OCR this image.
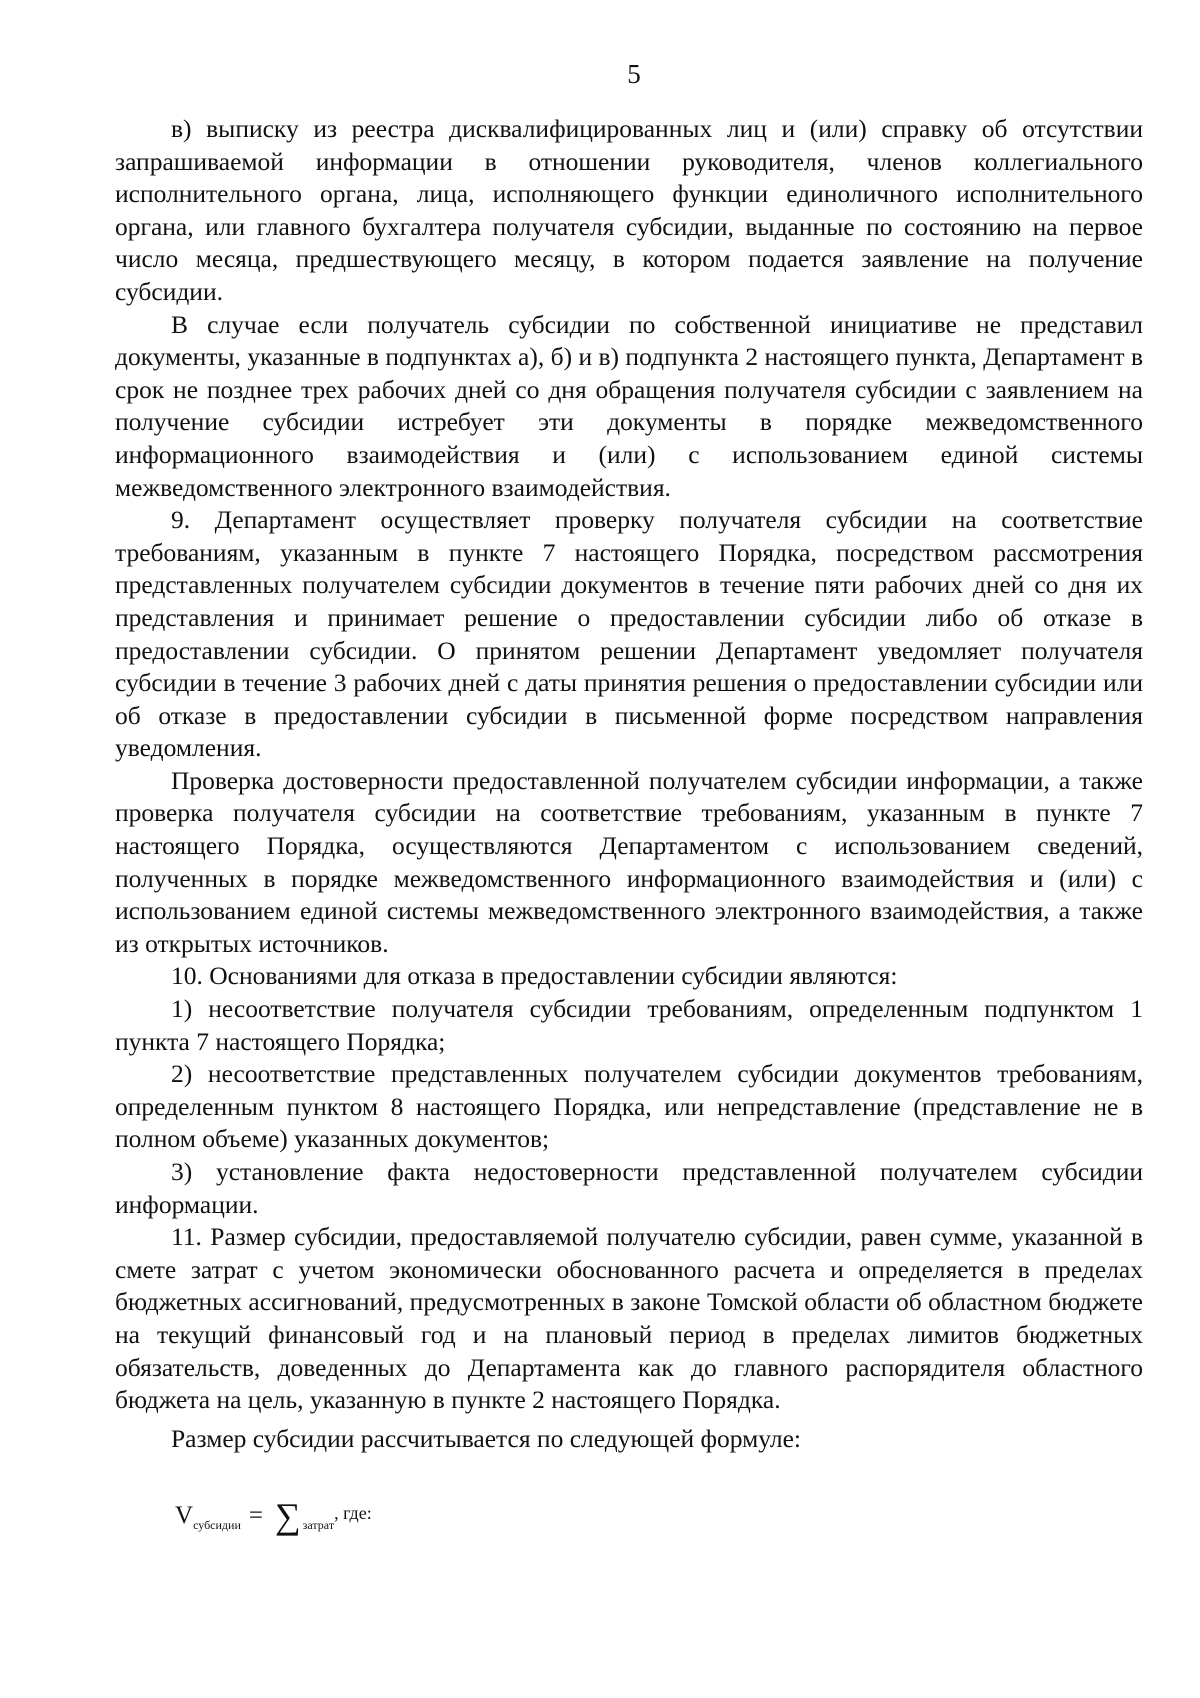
5

в) выписку из реестра дисквалифицированных лиц и (или) справку об отсутствии запрашиваемой информации в отношении руководителя, членов коллегиального исполнительного органа, лица, исполняющего функции единоличного исполнительного органа, или главного бухгалтера получателя субсидии, выданные по состоянию на первое число месяца, предшествующего месяцу, в котором подается заявление на получение субсидии.

В случае если получатель субсидии по собственной инициативе не представил документы, указанные в подпунктах а), б) и в) подпункта 2 настоящего пункта, Департамент в срок не позднее трех рабочих дней со дня обращения получателя субсидии с заявлением на получение субсидии истребует эти документы в порядке межведомственного информационного взаимодействия и (или) с использованием единой системы межведомственного электронного взаимодействия.

9. Департамент осуществляет проверку получателя субсидии на соответствие требованиям, указанным в пункте 7 настоящего Порядка, посредством рассмотрения представленных получателем субсидии документов в течение пяти рабочих дней со дня их представления и принимает решение о предоставлении субсидии либо об отказе в предоставлении субсидии. О принятом решении Департамент уведомляет получателя субсидии в течение 3 рабочих дней с даты принятия решения о предоставлении субсидии или об отказе в предоставлении субсидии в письменной форме посредством направления уведомления.

Проверка достоверности предоставленной получателем субсидии информации, а также проверка получателя субсидии на соответствие требованиям, указанным в пункте 7 настоящего Порядка, осуществляются Департаментом с использованием сведений, полученных в порядке межведомственного информационного взаимодействия и (или) с использованием единой системы межведомственного электронного взаимодействия, а также из открытых источников.

10. Основаниями для отказа в предоставлении субсидии являются:

1) несоответствие получателя субсидии требованиям, определенным подпунктом 1 пункта 7 настоящего Порядка;

2) несоответствие представленных получателем субсидии документов требованиям, определенным пунктом 8 настоящего Порядка, или непредставление (представление не в полном объеме) указанных документов;

3) установление факта недостоверности представленной получателем субсидии информации.

11. Размер субсидии, предоставляемой получателю субсидии, равен сумме, указанной в смете затрат с учетом экономически обоснованного расчета и определяется в пределах бюджетных ассигнований, предусмотренных в законе Томской области об областном бюджете на текущий финансовый год и на плановый период в пределах лимитов бюджетных обязательств, доведенных до Департамента как до главного распорядителя областного бюджета на цель, указанную в пункте 2 настоящего Порядка.

Размер субсидии рассчитывается по следующей формуле:

$V_{субсидии}$ = ∑ $_{затрат}$, где:
